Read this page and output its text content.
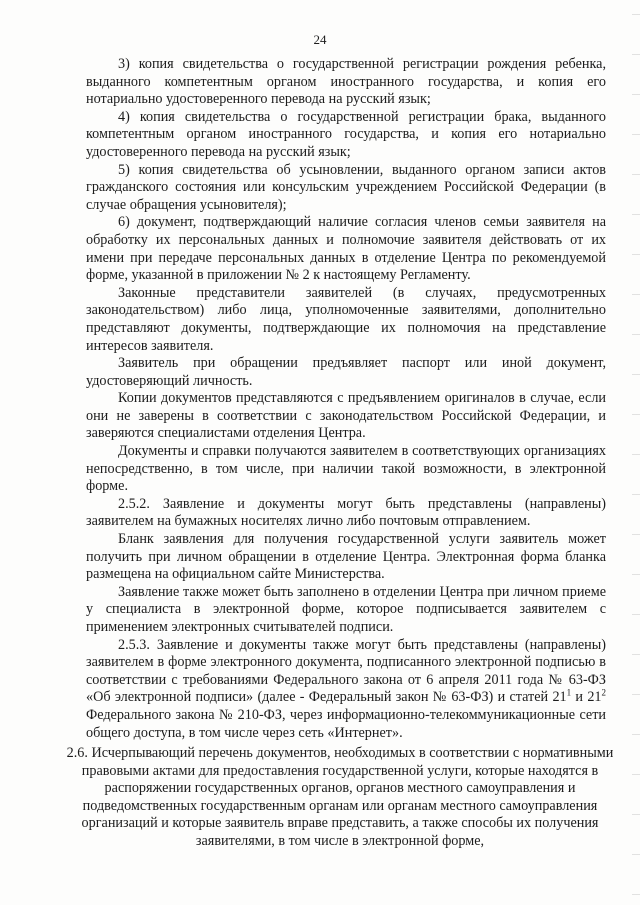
24

3) копия свидетельства о государственной регистрации рождения ребенка, выданного компетентным органом иностранного государства, и копия его нотариально удостоверенного перевода на русский язык;

4) копия свидетельства о государственной регистрации брака, выданного компетентным органом иностранного государства, и копия его нотариально удостоверенного перевода на русский язык;

5) копия свидетельства об усыновлении, выданного органом записи актов гражданского состояния или консульским учреждением Российской Федерации (в случае обращения усыновителя);

6) документ, подтверждающий наличие согласия членов семьи заявителя на обработку их персональных данных и полномочие заявителя действовать от их имени при передаче персональных данных в отделение Центра по рекомендуемой форме, указанной в приложении № 2 к настоящему Регламенту.

Законные представители заявителей (в случаях, предусмотренных законодательством) либо лица, уполномоченные заявителями, дополнительно представляют документы, подтверждающие их полномочия на представление интересов заявителя.

Заявитель при обращении предъявляет паспорт или иной документ, удостоверяющий личность.

Копии документов представляются с предъявлением оригиналов в случае, если они не заверены в соответствии с законодательством Российской Федерации, и заверяются специалистами отделения Центра.

Документы и справки получаются заявителем в соответствующих организациях непосредственно, в том числе, при наличии такой возможности, в электронной форме.

2.5.2. Заявление и документы могут быть представлены (направлены) заявителем на бумажных носителях лично либо почтовым отправлением.

Бланк заявления для получения государственной услуги заявитель может получить при личном обращении в отделение Центра. Электронная форма бланка размещена на официальном сайте Министерства.

Заявление также может быть заполнено в отделении Центра при личном приеме у специалиста в электронной форме, которое подписывается заявителем с применением электронных считывателей подписи.

2.5.3. Заявление и документы также могут быть представлены (направлены) заявителем в форме электронного документа, подписанного электронной подписью в соответствии с требованиями Федерального закона от 6 апреля 2011 года № 63-ФЗ «Об электронной подписи» (далее - Федеральный закон № 63-ФЗ) и статей $21^1$ и $21^2$ Федерального закона № 210-ФЗ, через информационно-телекоммуникационные сети общего доступа, в том числе через сеть «Интернет».

2.6. Исчерпывающий перечень документов, необходимых в соответствии с нормативными правовыми актами для предоставления государственной услуги, которые находятся в распоряжении государственных органов, органов местного самоуправления и подведомственных государственным органам или органам местного самоуправления организаций и которые заявитель вправе представить, а также способы их получения заявителями, в том числе в электронной форме,
